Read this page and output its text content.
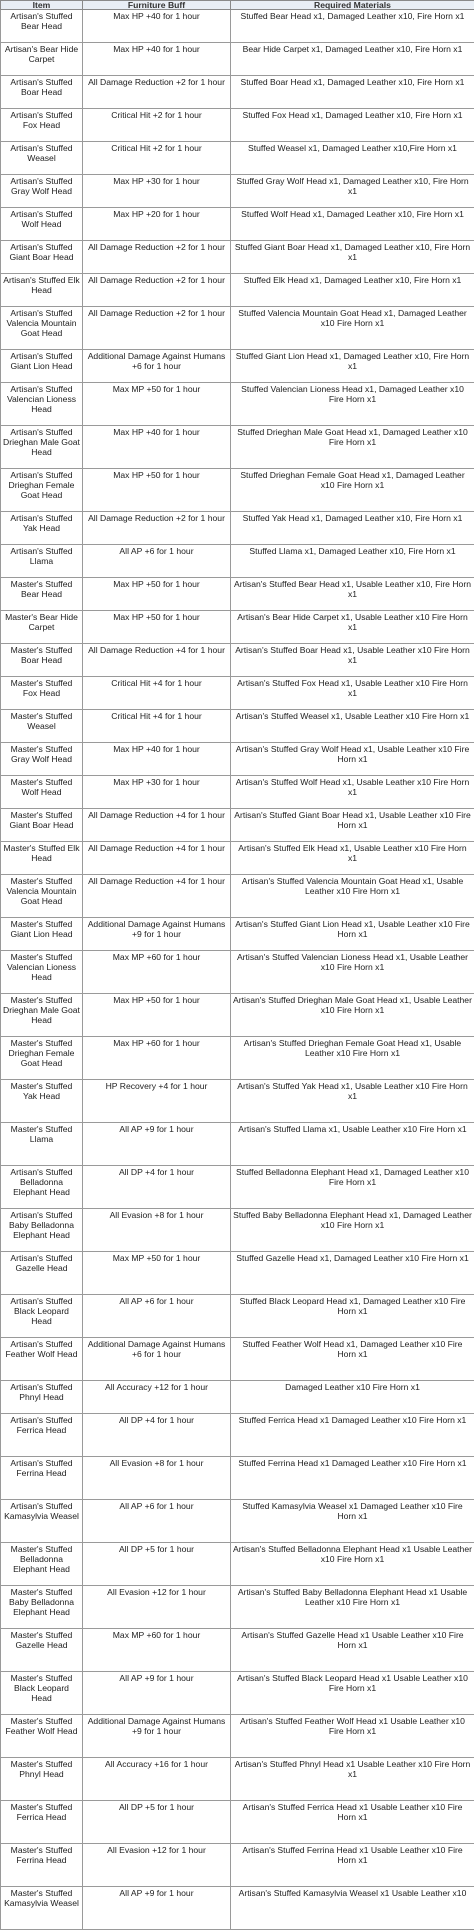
Item	Furniture Buff	Required Materials
Artisan's Stuffed Bear Head	Max HP +40 for 1 hour	Stuffed Bear Head x1, Damaged Leather x10, Fire Horn x1
Artisan's Bear Hide Carpet	Max HP +40 for 1 hour	Bear Hide Carpet x1, Damaged Leather x10, Fire Horn x1
Artisan's Stuffed Boar Head	All Damage Reduction +2 for 1 hour	Stuffed Boar Head x1, Damaged Leather x10, Fire Horn x1
Artisan's Stuffed Fox Head	Critical Hit +2 for 1 hour	Stuffed Fox Head x1, Damaged Leather x10, Fire Horn x1
Artisan's Stuffed Weasel	Critical Hit +2 for 1 hour	Stuffed Weasel x1, Damaged Leather x10,Fire Horn x1
Artisan's Stuffed Gray Wolf Head	Max HP +30 for 1 hour	Stuffed Gray Wolf Head x1, Damaged Leather x10, Fire Horn x1
Artisan's Stuffed Wolf Head	Max HP +20 for 1 hour	Stuffed Wolf Head x1, Damaged Leather x10, Fire Horn x1
Artisan's Stuffed Giant Boar Head	All Damage Reduction +2 for 1 hour	Stuffed Giant Boar Head x1, Damaged Leather x10, Fire Horn x1
Artisan's Stuffed Elk Head	All Damage Reduction +2 for 1 hour	Stuffed Elk Head x1, Damaged Leather x10, Fire Horn x1
Artisan's Stuffed Valencia Mountain Goat Head	All Damage Reduction +2 for 1 hour	Stuffed Valencia Mountain Goat Head x1, Damaged Leather x10 Fire Horn x1
Artisan's Stuffed Giant Lion Head	Additional Damage Against Humans +6 for 1 hour	Stuffed Giant Lion Head x1, Damaged Leather x10, Fire Horn x1
Artisan's Stuffed Valencian Lioness Head	Max MP +50 for 1 hour	Stuffed Valencian Lioness Head x1, Damaged Leather x10 Fire Horn x1
Artisan's Stuffed Drieghan Male Goat Head	Max HP +40 for 1 hour	Stuffed Drieghan Male Goat Head x1, Damaged Leather x10 Fire Horn x1
Artisan's Stuffed Drieghan Female Goat Head	Max HP +50 for 1 hour	Stuffed Drieghan Female Goat Head x1, Damaged Leather x10 Fire Horn x1
Artisan's Stuffed Yak Head	All Damage Reduction +2 for 1 hour	Stuffed Yak Head x1, Damaged Leather x10, Fire Horn x1
Artisan's Stuffed Llama	All AP +6 for 1 hour	Stuffed Llama x1, Damaged Leather x10, Fire Horn x1
Master's Stuffed Bear Head	Max HP +50 for 1 hour	Artisan's Stuffed Bear Head x1, Usable Leather x10, Fire Horn x1
Master's Bear Hide Carpet	Max HP +50 for 1 hour	Artisan's Bear Hide Carpet x1, Usable Leather x10 Fire Horn x1
Master's Stuffed Boar Head	All Damage Reduction +4 for 1 hour	Artisan's Stuffed Boar Head x1, Usable Leather x10 Fire Horn x1
Master's Stuffed Fox Head	Critical Hit +4 for 1 hour	Artisan's Stuffed Fox Head x1, Usable Leather x10 Fire Horn x1
Master's Stuffed Weasel	Critical Hit +4 for 1 hour	Artisan's Stuffed Weasel x1, Usable Leather x10 Fire Horn x1
Master's Stuffed Gray Wolf Head	Max HP +40 for 1 hour	Artisan's Stuffed Gray Wolf Head x1, Usable Leather x10 Fire Horn x1
Master's Stuffed Wolf Head	Max HP +30 for 1 hour	Artisan's Stuffed Wolf Head x1, Usable Leather x10 Fire Horn x1
Master's Stuffed Giant Boar Head	All Damage Reduction +4 for 1 hour	Artisan's Stuffed Giant Boar Head x1, Usable Leather x10 Fire Horn x1
Master's Stuffed Elk Head	All Damage Reduction +4 for 1 hour	Artisan's Stuffed Elk Head x1, Usable Leather x10 Fire Horn x1
Master's Stuffed Valencia Mountain Goat Head	All Damage Reduction +4 for 1 hour	Artisan's Stuffed Valencia Mountain Goat Head x1, Usable Leather x10 Fire Horn x1
Master's Stuffed Giant Lion Head	Additional Damage Against Humans +9 for 1 hour	Artisan's Stuffed Giant Lion Head x1, Usable Leather x10 Fire Horn x1
Master's Stuffed Valencian Lioness Head	Max MP +60 for 1 hour	Artisan's Stuffed Valencian Lioness Head x1, Usable Leather x10 Fire Horn x1
Master's Stuffed Drieghan Male Goat Head	Max HP +50 for 1 hour	Artisan's Stuffed Drieghan Male Goat Head x1, Usable Leather x10 Fire Horn x1
Master's Stuffed Drieghan Female Goat Head	Max HP +60 for 1 hour	Artisan's Stuffed Drieghan Female Goat Head x1, Usable Leather x10 Fire Horn x1
Master's Stuffed Yak Head	HP Recovery +4 for 1 hour	Artisan's Stuffed Yak Head x1, Usable Leather x10 Fire Horn x1
Master's Stuffed Llama	All AP +9 for 1 hour	Artisan's Stuffed Llama x1, Usable Leather x10 Fire Horn x1
Artisan's Stuffed Belladonna Elephant Head	All DP +4 for 1 hour	Stuffed Belladonna Elephant Head x1, Damaged Leather x10 Fire Horn x1
Artisan's Stuffed Baby Belladonna Elephant Head	All Evasion +8 for 1 hour	Stuffed Baby Belladonna Elephant Head x1, Damaged Leather x10 Fire Horn x1
Artisan's Stuffed Gazelle Head	Max MP +50 for 1 hour	Stuffed Gazelle Head x1, Damaged Leather x10 Fire Horn x1
Artisan's Stuffed Black Leopard Head	All AP +6 for 1 hour	Stuffed Black Leopard Head x1, Damaged Leather x10 Fire Horn x1
Artisan's Stuffed Feather Wolf Head	Additional Damage Against Humans +6 for 1 hour	Stuffed Feather Wolf Head x1, Damaged Leather x10 Fire Horn x1
Artisan's Stuffed Phnyl Head	All Accuracy +12 for 1 hour	Damaged Leather x10 Fire Horn x1
Artisan's Stuffed Ferrica Head	All DP +4 for 1 hour	Stuffed Ferrica Head x1 Damaged Leather x10 Fire Horn x1
Artisan's Stuffed Ferrina Head	All Evasion +8 for 1 hour	Stuffed Ferrina Head x1 Damaged Leather x10 Fire Horn x1
Artisan's Stuffed Kamasylvia Weasel	All AP +6 for 1 hour	Stuffed Kamasylvia Weasel x1 Damaged Leather x10 Fire Horn x1
Master's Stuffed Belladonna Elephant Head	All DP +5 for 1 hour	Artisan's Stuffed Belladonna Elephant Head x1 Usable Leather x10 Fire Horn x1
Master's Stuffed Baby Belladonna Elephant Head	All Evasion +12 for 1 hour	Artisan's Stuffed Baby Belladonna Elephant Head x1 Usable Leather x10 Fire Horn x1
Master's Stuffed Gazelle Head	Max MP +60 for 1 hour	Artisan's Stuffed Gazelle Head x1 Usable Leather x10 Fire Horn x1
Master's Stuffed Black Leopard Head	All AP +9 for 1 hour	Artisan's Stuffed Black Leopard Head x1 Usable Leather x10 Fire Horn x1
Master's Stuffed Feather Wolf Head	Additional Damage Against Humans +9 for 1 hour	Artisan's Stuffed Feather Wolf Head x1 Usable Leather x10 Fire Horn x1
Master's Stuffed Phnyl Head	All Accuracy +16 for 1 hour	Artisan's Stuffed Phnyl Head x1 Usable Leather x10 Fire Horn x1
Master's Stuffed Ferrica Head	All DP +5 for 1 hour	Artisan's Stuffed Ferrica Head x1 Usable Leather x10 Fire Horn x1
Master's Stuffed Ferrina Head	All Evasion +12 for 1 hour	Artisan's Stuffed Ferrina Head x1 Usable Leather x10 Fire Horn x1
Master's Stuffed Kamasylvia Weasel	All AP +9 for 1 hour	Artisan's Stuffed Kamasylvia Weasel x1 Usable Leather x10
